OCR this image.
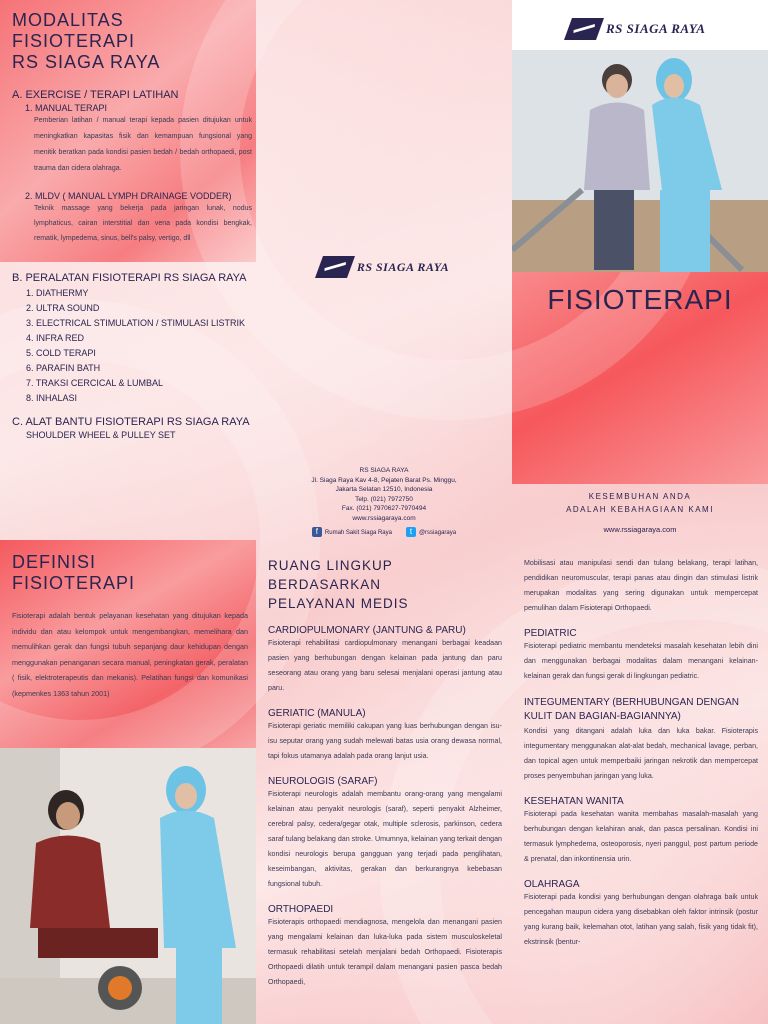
MODALITAS FISIOTERAPI
RS SIAGA RAYA

A. EXERCISE / TERAPI LATIHAN

1. MANUAL TERAPI

Pemberian latihan / manual terapi kepada pasien ditujukan untuk meningkatkan kapasitas fisik dan kemampuan fungsional yang menitik beratkan pada kondisi pasien bedah / bedah orthopaedi, post trauma dan cidera olahraga.

2. MLDV ( MANUAL LYMPH DRAINAGE VODDER)

Teknik massage yang bekerja pada jaringan lunak, nodus lymphaticus, cairan interstitial dan vena pada kondisi bengkak, rematik, lympedema, sinus, bell's palsy, vertigo, dll

B. PERALATAN FISIOTERAPI RS SIAGA RAYA

1. DIATHERMY
2. ULTRA SOUND
3. ELECTRICAL STIMULATION / STIMULASI LISTRIK
4. INFRA RED
5. COLD TERAPI
6. PARAFIN BATH
7. TRAKSI CERCICAL & LUMBAL
8. INHALASI

C. ALAT BANTU FISIOTERAPI RS SIAGA RAYA

SHOULDER WHEEL & PULLEY SET

RS SIAGA RAYA
RS SIAGA RAYA
Jl. Siaga Raya Kav 4-8, Pejaten Barat Ps. Minggu,
Jakarta Selatan 12510, Indonesia
Telp. (021) 7972750
Fax. (021) 7970627-7970494
www.rssiagaraya.com
f Rumah Sakit Siaga Raya	t @rssiagaraya
RS SIAGA RAYA
FISIOTERAPI
KESEMBUHAN ANDA
ADALAH KEBAHAGIAAN KAMI
www.rssiagaraya.com
DEFINISI
FISIOTERAPI

Fisioterapi adalah bentuk pelayanan kesehatan yang ditujukan kepada individu dan atau kelompok untuk mengembangkan, memelihara dan memulihkan gerak dan fungsi tubuh sepanjang daur kehidupan dengan menggunakan penanganan secara manual, peningkatan gerak, peralatan ( fisik, elektroterapeutis dan mekanis). Pelatihan fungsi dan komunikasi (kepmenkes 1363 tahun 2001)

RUANG LINGKUP BERDASARKAN
PELAYANAN MEDIS

CARDIOPULMONARY (JANTUNG & PARU)

Fisioterapi rehabilitasi cardiopulmonary menangani berbagai keadaan pasien yang berhubungan dengan kelainan pada jantung dan paru seseorang atau orang yang baru selesai menjalani operasi jantung atau paru.

GERIATIC (MANULA)

Fisioterapi geriatic memiliki cakupan yang luas berhubungan dengan isu-isu seputar orang yang sudah melewati batas usia orang dewasa normal, tapi fokus utamanya adalah pada orang lanjut usia.

NEUROLOGIS (SARAF)

Fisioterapi neurologis adalah membantu orang-orang yang mengalami kelainan atau penyakit neurologis (saraf), seperti penyakit Alzheimer, cerebral palsy, cedera/gegar otak, multiple sclerosis, parkinson, cedera saraf tulang belakang dan stroke. Umumnya, kelainan yang terkait dengan kondisi neurologis berupa gangguan yang terjadi pada penglihatan, keseimbangan, aktivitas, gerakan dan berkurangnya kebebasan fungsional tubuh.

ORTHOPAEDI

Fisioterapis orthopaedi mendiagnosa, mengelola dan menangani pasien yang mengalami kelainan dan luka-luka pada sistem musculoskeletal termasuk rehabilitasi setelah menjalani bedah Orthopaedi. Fisioterapis Orthopaedi dilatih untuk terampil dalam menangani pasien pasca bedah Orthopaedi,

Mobilisasi atau manipulasi sendi dan tulang belakang, terapi latihan, pendidikan neuromuscular, terapi panas atau dingin dan stimulasi listrik merupakan modalitas yang sering digunakan untuk mempercepat pemulihan dalam Fisioterapi Orthopaedi.

PEDIATRIC

Fisioterapi pediatric membantu mendeteksi masalah kesehatan lebih dini dan menggunakan berbagai modalitas dalam menangani kelainan-kelainan gerak dan fungsi gerak di lingkungan pediatric.

INTEGUMENTARY (BERHUBUNGAN DENGAN KULIT DAN BAGIAN-BAGIANNYA)

Kondisi yang ditangani adalah luka dan luka bakar. Fisioterapis integumentary menggunakan alat-alat bedah, mechanical lavage, perban, dan topical agen untuk memperbaiki jaringan nekrotik dan mempercepat proses penyembuhan jaringan yang luka.

KESEHATAN WANITA

Fisioterapi pada kesehatan wanita membahas masalah-masalah yang berhubungan dengan kelahiran anak, dan pasca persalinan. Kondisi ini termasuk lymphedema, osteoporosis, nyeri panggul, post partum periode & prenatal, dan inkontinensia urin.

OLAHRAGA

Fisioterapi pada kondisi yang berhubungan dengan olahraga baik untuk pencegahan maupun cidera yang disebabkan oleh faktor intrinsik (postur yang kurang baik, kelemahan otot, latihan yang salah, fisik yang tidak fit), ekstrinsik (bentur-
